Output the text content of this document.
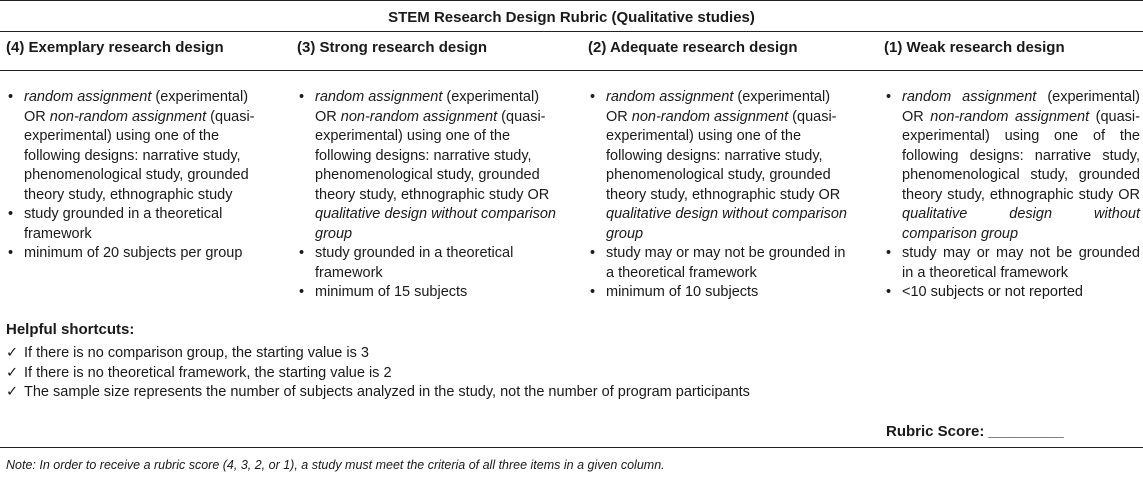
STEM Research Design Rubric (Qualitative studies)
(4) Exemplary research design
• random assignment (experimental) OR non-random assignment (quasi-experimental) using one of the following designs: narrative study, phenomenological study, grounded theory study, ethnographic study
• study grounded in a theoretical framework
• minimum of 20 subjects per group
(3) Strong research design
• random assignment (experimental) OR non-random assignment (quasi-experimental) using one of the following designs: narrative study, phenomenological study, grounded theory study, ethnographic study OR qualitative design without comparison group
• study grounded in a theoretical framework
• minimum of 15 subjects
(2) Adequate research design
• random assignment (experimental) OR non-random assignment (quasi-experimental) using one of the following designs: narrative study, phenomenological study, grounded theory study, ethnographic study OR qualitative design without comparison group
• study may or may not be grounded in a theoretical framework
• minimum of 10 subjects
(1) Weak research design
• random assignment (experimental) OR non-random assignment (quasi-experimental) using one of the following designs: narrative study, phenomenological study, grounded theory study, ethnographic study OR qualitative design without comparison group
• study may or may not be grounded in a theoretical framework
• <10 subjects or not reported
Helpful shortcuts:
✓ If there is no comparison group, the starting value is 3
✓ If there is no theoretical framework, the starting value is 2
✓ The sample size represents the number of subjects analyzed in the study, not the number of program participants
Rubric Score: _________
Note: In order to receive a rubric score (4, 3, 2, or 1), a study must meet the criteria of all three items in a given column.
